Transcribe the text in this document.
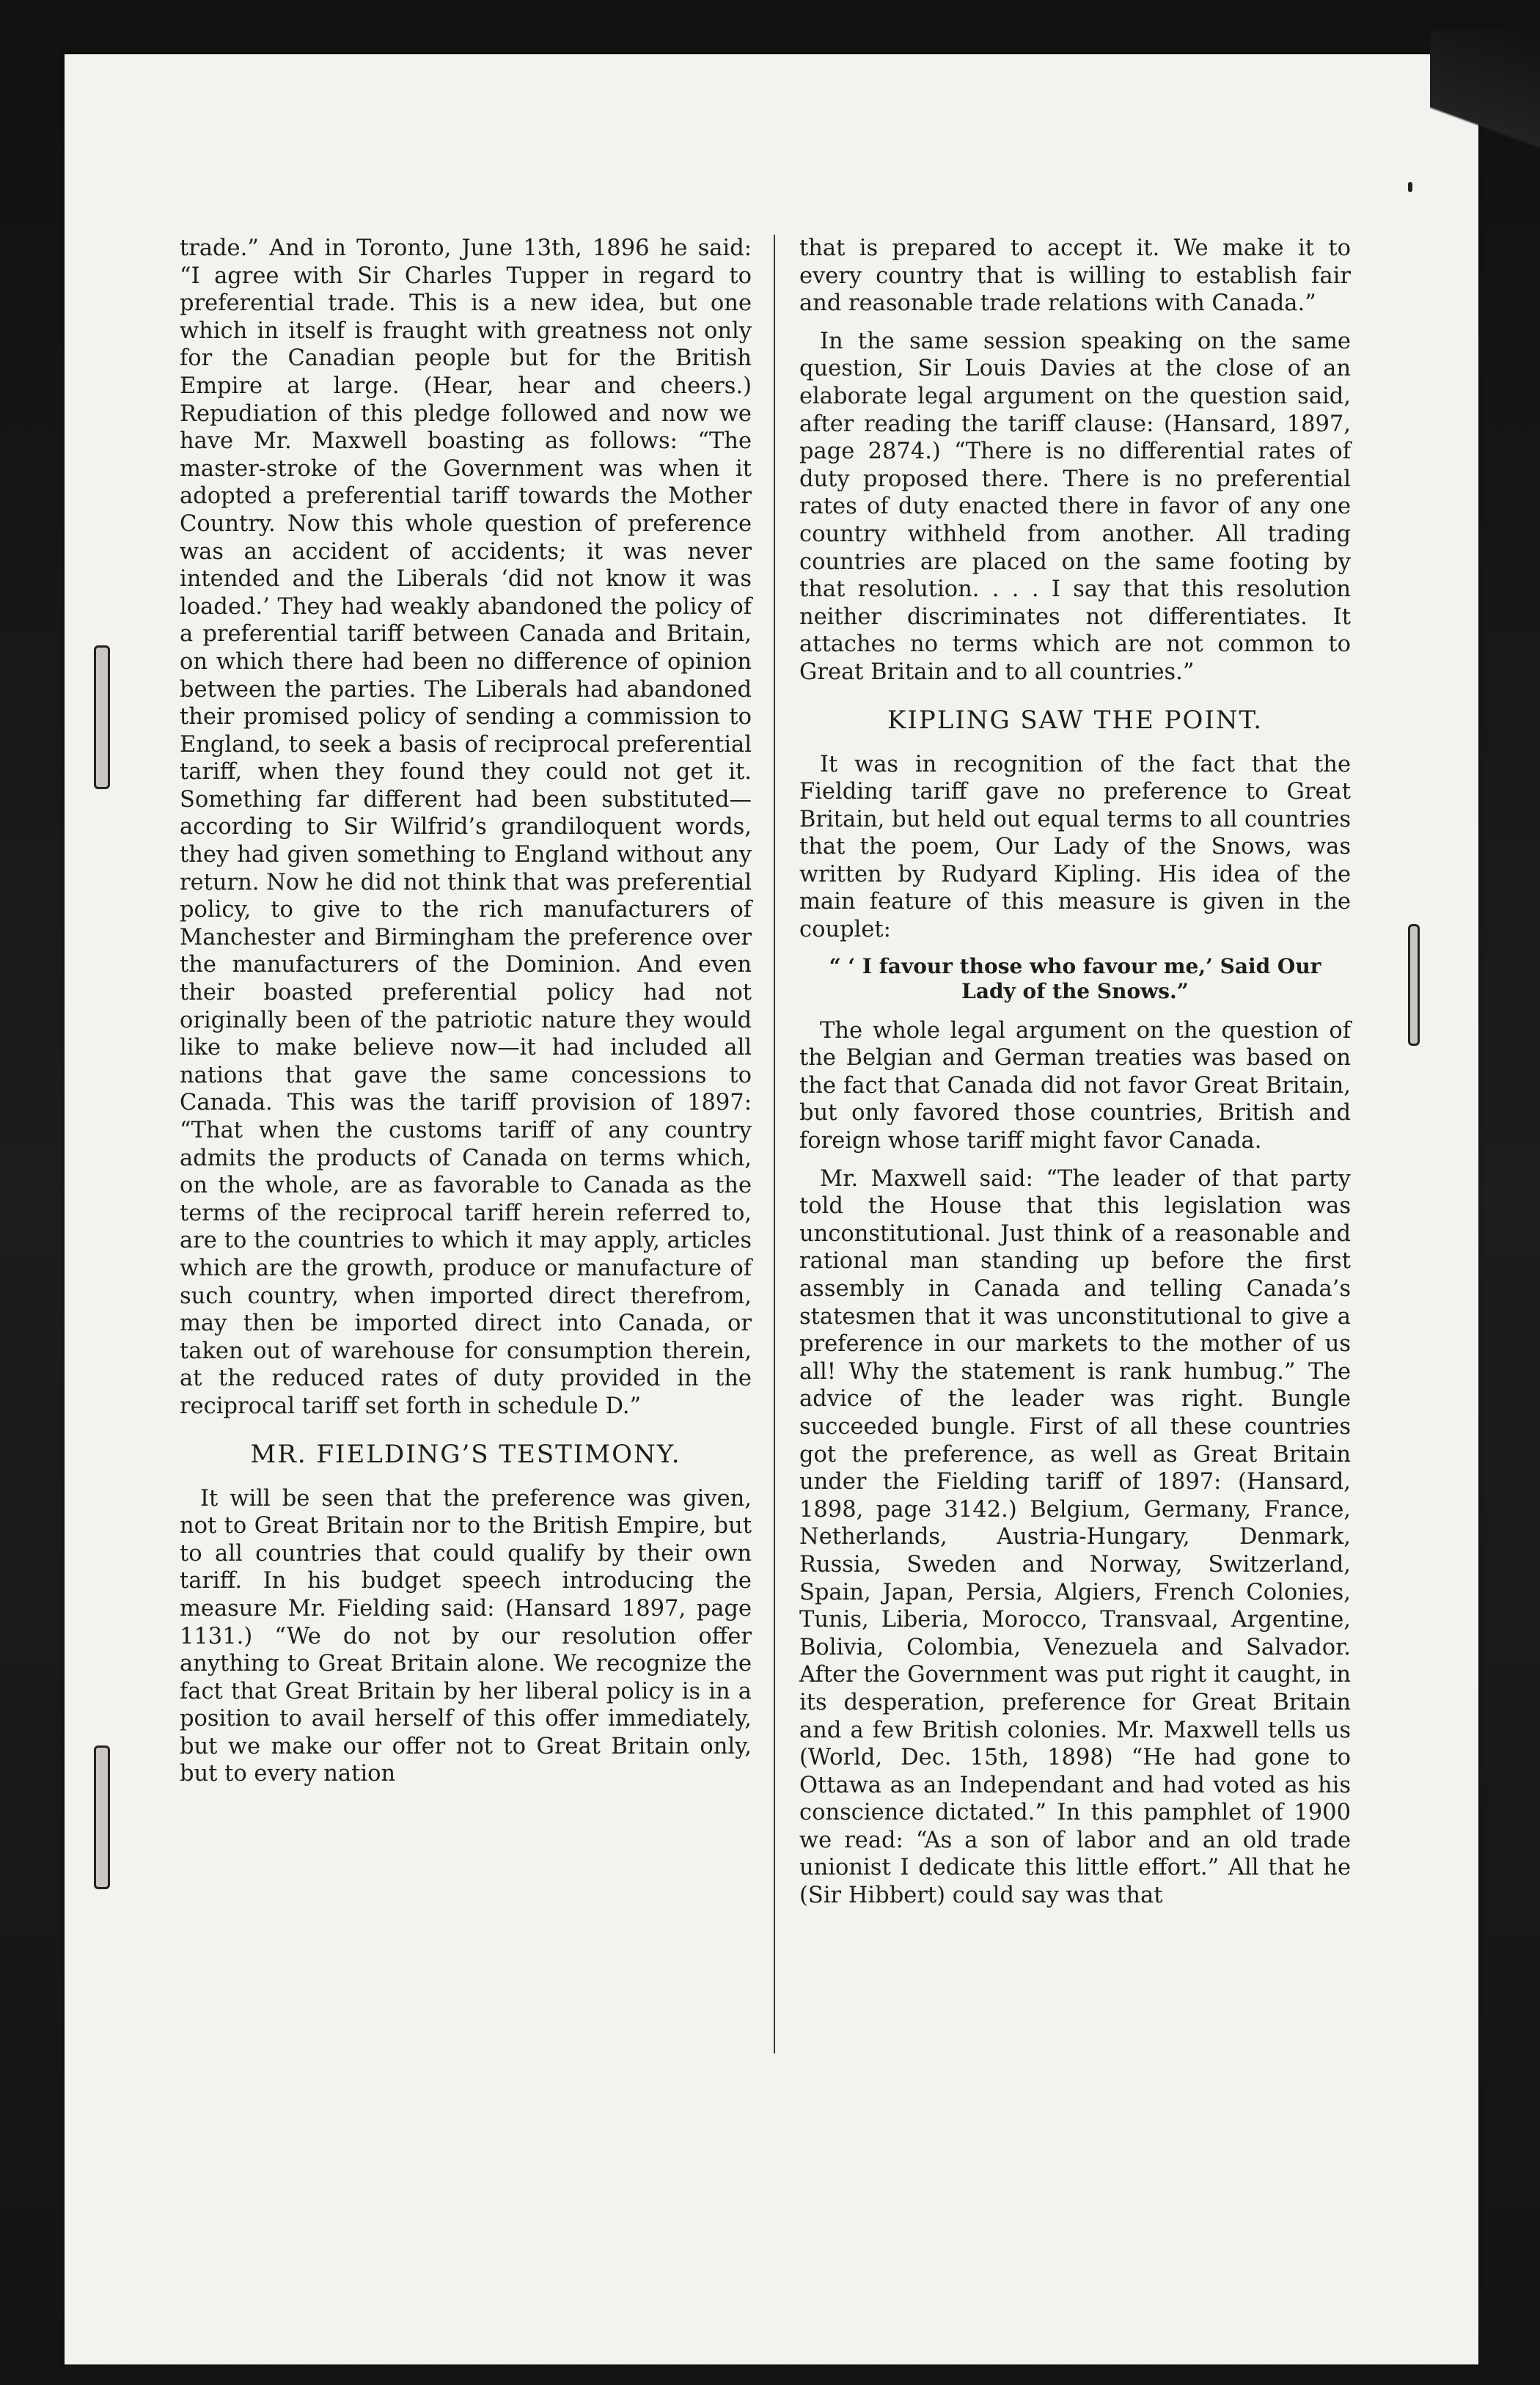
trade.” And in Toronto, June 13th, 1896 he said: “I agree with Sir Charles Tupper in regard to preferential trade. This is a new idea, but one which in itself is fraught with greatness not only for the Canadian people but for the British Empire at large. (Hear, hear and cheers.) Repudiation of this pledge followed and now we have Mr. Maxwell boasting as follows: “The master-stroke of the Government was when it adopted a preferential tariff towards the Mother Country. Now this whole question of preference was an accident of accidents; it was never intended and the Liberals ‘did not know it was loaded.’ They had weakly abandoned the policy of a preferential tariff between Canada and Britain, on which there had been no difference of opinion between the parties. The Liberals had abandoned their promised policy of sending a commission to England, to seek a basis of reciprocal preferential tariff, when they found they could not get it. Something far different had been substituted—according to Sir Wilfrid’s grandiloquent words, they had given something to England without any return. Now he did not think that was preferential policy, to give to the rich manufacturers of Manchester and Birmingham the preference over the manufacturers of the Dominion. And even their boasted preferential policy had not originally been of the patriotic nature they would like to make believe now—it had included all nations that gave the same concessions to Canada. This was the tariff provision of 1897: “That when the customs tariff of any country admits the products of Canada on terms which, on the whole, are as favorable to Canada as the terms of the reciprocal tariff herein referred to, are to the countries to which it may apply, articles which are the growth, produce or manufacture of such country, when imported direct therefrom, may then be imported direct into Canada, or taken out of warehouse for consumption therein, at the reduced rates of duty provided in the reciprocal tariff set forth in schedule D.”

MR. FIELDING’S TESTIMONY.

It will be seen that the preference was given, not to Great Britain nor to the British Empire, but to all countries that could qualify by their own tariff. In his budget speech introducing the measure Mr. Fielding said: (Hansard 1897, page 1131.) “We do not by our resolution offer anything to Great Britain alone. We recognize the fact that Great Britain by her liberal policy is in a position to avail herself of this offer immediately, but we make our offer not to Great Britain only, but to every nation

that is prepared to accept it. We make it to every country that is willing to establish fair and reasonable trade relations with Canada.”

In the same session speaking on the same question, Sir Louis Davies at the close of an elaborate legal argument on the question said, after reading the tariff clause: (Hansard, 1897, page 2874.) “There is no differential rates of duty proposed there. There is no preferential rates of duty enacted there in favor of any one country withheld from another. All trading countries are placed on the same footing by that resolution. . . . I say that this resolution neither discriminates not differentiates. It attaches no terms which are not common to Great Britain and to all countries.”

KIPLING SAW THE POINT.

It was in recognition of the fact that the Fielding tariff gave no preference to Great Britain, but held out equal terms to all countries that the poem, Our Lady of the Snows, was written by Rudyard Kipling. His idea of the main feature of this measure is given in the couplet:

“ ‘ I favour those who favour me,’ Said Our Lady of the Snows.”

The whole legal argument on the question of the Belgian and German treaties was based on the fact that Canada did not favor Great Britain, but only favored those countries, British and foreign whose tariff might favor Canada.

Mr. Maxwell said: “The leader of that party told the House that this legislation was unconstitutional. Just think of a reasonable and rational man standing up before the first assembly in Canada and telling Canada’s statesmen that it was unconstitutional to give a preference in our markets to the mother of us all! Why the statement is rank humbug.” The advice of the leader was right. Bungle succeeded bungle. First of all these countries got the preference, as well as Great Britain under the Fielding tariff of 1897: (Hansard, 1898, page 3142.) Belgium, Germany, France, Netherlands, Austria-Hungary, Denmark, Russia, Sweden and Norway, Switzerland, Spain, Japan, Persia, Algiers, French Colonies, Tunis, Liberia, Morocco, Transvaal, Argentine, Bolivia, Colombia, Venezuela and Salvador. After the Government was put right it caught, in its desperation, preference for Great Britain and a few British colonies. Mr. Maxwell tells us (World, Dec. 15th, 1898) “He had gone to Ottawa as an Independant and had voted as his conscience dictated.” In this pamphlet of 1900 we read: “As a son of labor and an old trade unionist I dedicate this little effort.” All that he (Sir Hibbert) could say was that
